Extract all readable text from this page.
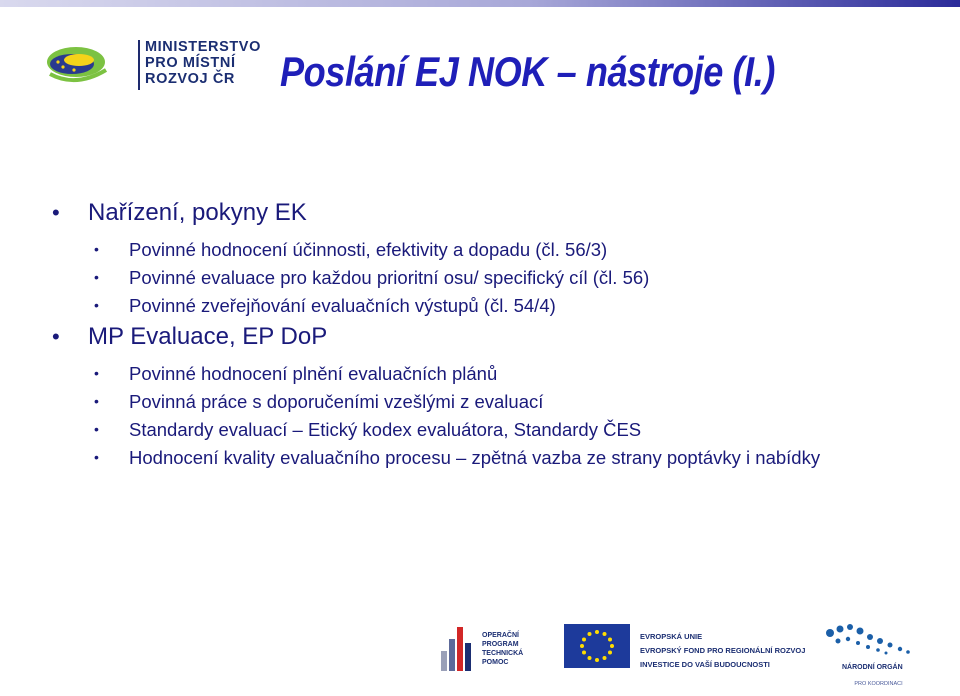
MINISTERSTVO
PRO MÍSTNÍ
ROZVOJ ČR	Poslání EJ NOK – nástroje (I.)
• Nařízení, pokyny EK
• Povinné hodnocení účinnosti, efektivity a dopadu (čl. 56/3)
• Povinné evaluace pro každou prioritní osu/ specifický cíl (čl. 56)
• Povinné zveřejňování evaluačních výstupů (čl. 54/4)
• MP Evaluace, EP DoP
• Povinné hodnocení plnění evaluačních plánů
• Povinná práce s doporučeními vzešlými z evaluací
• Standardy evaluací – Etický kodex evaluátora, Standardy ČES
• Hodnocení kvality evaluačního procesu – zpětná vazba ze strany poptávky i nabídky
OPERAČNÍ
PROGRAM
TECHNICKÁ
POMOC
EVROPSKÁ UNIE
EVROPSKÝ FOND PRO REGIONÁLNÍ ROZVOJ
INVESTICE DO VAŠÍ BUDOUCNOSTI	NÁRODNÍ ORGÁN

PRO KOORDINACI
